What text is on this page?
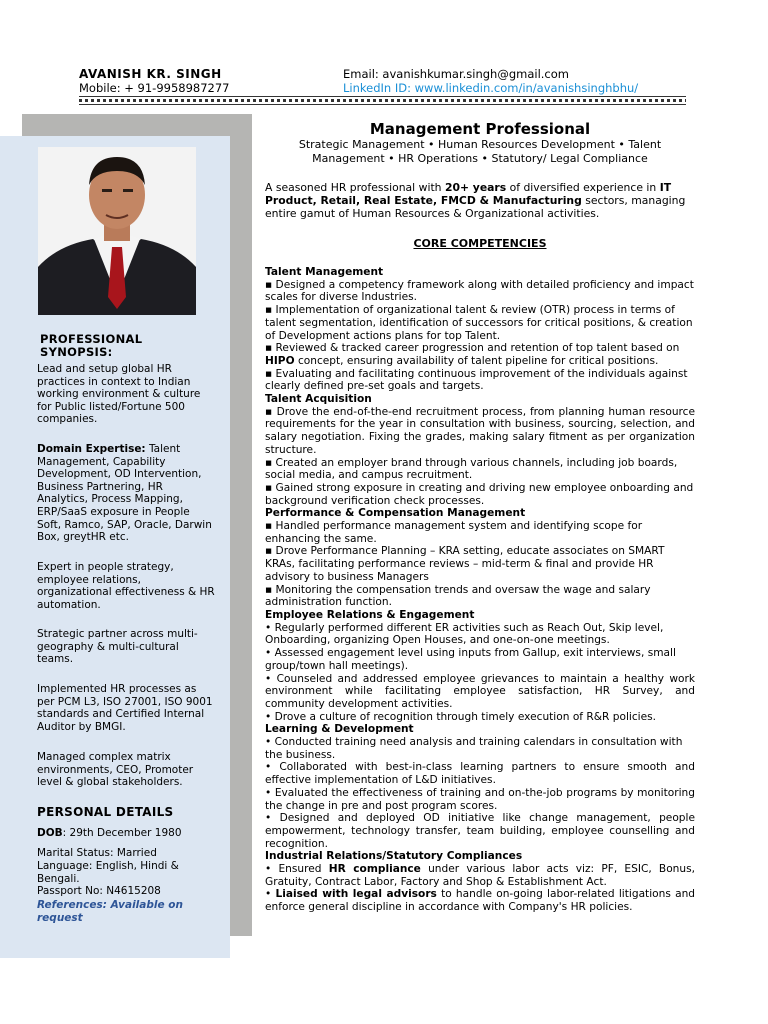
AVANISH KR. SINGH
Mobile: + 91-9958987277
Email: avanishkumar.singh@gmail.com
LinkedIn ID: www.linkedin.com/in/avanishsinghbhu/
PROFESSIONAL SYNOPSIS:
Lead and setup global HR practices in context to Indian working environment & culture for Public listed/Fortune 500 companies.
Domain Expertise: Talent Management, Capability Development, OD Intervention, Business Partnering, HR Analytics, Process Mapping, ERP/SaaS exposure in People Soft, Ramco, SAP, Oracle, Darwin Box, greytHR etc.
Expert in people strategy, employee relations, organizational effectiveness & HR automation.
Strategic partner across multi-geography & multi-cultural teams.
Implemented HR processes as per PCM L3, ISO 27001, ISO 9001 standards and Certified Internal Auditor by BMGI.
Managed complex matrix environments, CEO, Promoter level & global stakeholders.
PERSONAL DETAILS
DOB: 29th December 1980
Marital Status: Married
Language: English, Hindi & Bengali.
Passport No: N4615208
References: Available on request
Management Professional
Strategic Management • Human Resources Development • Talent Management • HR Operations • Statutory/ Legal Compliance
A seasoned HR professional with 20+ years of diversified experience in IT Product, Retail, Real Estate, FMCD & Manufacturing sectors, managing entire gamut of Human Resources & Organizational activities.
CORE COMPETENCIES

Talent Management

▪ Designed a competency framework along with detailed proficiency and impact scales for diverse Industries.

▪ Implementation of organizational talent & review (OTR) process in terms of talent segmentation, identification of successors for critical positions, & creation of Development actions plans for top Talent.

▪ Reviewed & tracked career progression and retention of top talent based on HIPO concept, ensuring availability of talent pipeline for critical positions.

▪ Evaluating and facilitating continuous improvement of the individuals against clearly defined pre-set goals and targets.

Talent Acquisition

▪ Drove the end-of-the-end recruitment process, from planning human resource requirements for the year in consultation with business, sourcing, selection, and salary negotiation. Fixing the grades, making salary fitment as per organization structure.

▪ Created an employer brand through various channels, including job boards, social media, and campus recruitment.

▪ Gained strong exposure in creating and driving new employee onboarding and background verification check processes.

Performance & Compensation Management

▪ Handled performance management system and identifying scope for enhancing the same.

▪ Drove Performance Planning – KRA setting, educate associates on SMART KRAs, facilitating performance reviews – mid-term & final and provide HR advisory to business Managers

▪ Monitoring the compensation trends and oversaw the wage and salary administration function.

Employee Relations & Engagement

• Regularly performed different ER activities such as Reach Out, Skip level, Onboarding, organizing Open Houses, and one-on-one meetings.

• Assessed engagement level using inputs from Gallup, exit interviews, small group/town hall meetings).

• Counseled and addressed employee grievances to maintain a healthy work environment while facilitating employee satisfaction, HR Survey, and community development activities.

• Drove a culture of recognition through timely execution of R&R policies.

Learning & Development

• Conducted training need analysis and training calendars in consultation with the business.

• Collaborated with best-in-class learning partners to ensure smooth and effective implementation of L&D initiatives.

• Evaluated the effectiveness of training and on-the-job programs by monitoring the change in pre and post program scores.

• Designed and deployed OD initiative like change management, people empowerment, technology transfer, team building, employee counselling and recognition.

Industrial Relations/Statutory Compliances

• Ensured HR compliance under various labor acts viz: PF, ESIC, Bonus, Gratuity, Contract Labor, Factory and Shop & Establishment Act.

• Liaised with legal advisors to handle on-going labor-related litigations and enforce general discipline in accordance with Company's HR policies.
